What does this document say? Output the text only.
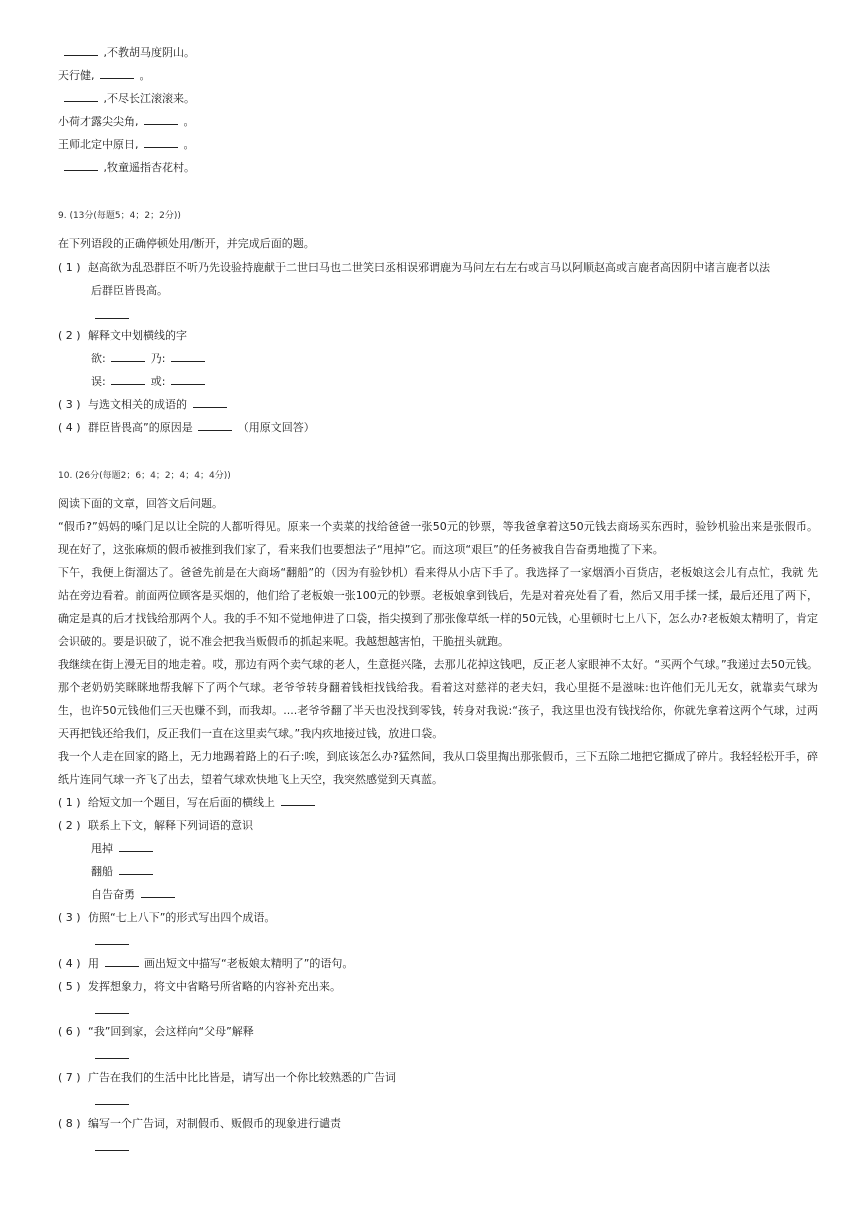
,不教胡马度阴山。
天行健,	。
,不尽长江滚滚来。
小荷才露尖尖角,	。
王师北定中原日,	。
,牧童遥指杏花村。
9. (13分(每题5；4；2；2分))
在下列语段的正确停顿处用/断开，并完成后面的题。
( 1 ) 赵高欲为乱恐群臣不听乃先设验持鹿献于二世曰马也二世笑曰丞相误邪谓鹿为马问左右左右或言马以阿顺赵高或言鹿者高因阴中诸言鹿者以法
后群臣皆畏高。
( 2 ) 解释文中划横线的字
欲:	乃:
误:	或:
( 3 ) 与选文相关的成语的
( 4 ) 群臣皆畏高”的原因是	（用原文回答）
10. (26分(每题2；6；4；2；4；4；4分))
阅读下面的文章，回答文后问题。

“假币?”妈妈的嗓门足以让全院的人都听得见。原来一个卖菜的找给爸爸一张50元的钞票，等我爸拿着这50元钱去商场买东西时，验钞机验出来是张假币。现在好了，这张麻烦的假币被推到我们家了，看来我们也要想法子“甩掉”它。而这项“艰巨”的任务被我自告奋勇地揽了下来。

下午，我便上街溜达了。爸爸先前是在大商场“翻船”的（因为有验钞机）看来得从小店下手了。我选择了一家烟酒小百货店，老板娘这会儿有点忙，我就 先站在旁边看着。前面两位顾客是买烟的，他们给了老板娘一张100元的钞票。老板娘拿到钱后，先是对着亮处看了看，然后又用手揉一揉，最后还甩了两下，确定是真的后才找钱给那两个人。我的手不知不觉地伸进了口袋，指尖摸到了那张像草纸一样的50元钱，心里顿时七上八下，怎么办?老板娘太精明了，肯定会识破的。要是识破了，说不准会把我当贩假币的抓起来呢。我越想越害怕，干脆扭头就跑。

我继续在街上漫无目的地走着。哎，那边有两个卖气球的老人，生意挺兴隆，去那儿花掉这钱吧，反正老人家眼神不太好。“买两个气球。”我递过去50元钱。那个老奶奶笑眯眯地帮我解下了两个气球。老爷爷转身翻着钱柜找钱给我。看着这对慈祥的老夫妇，我心里挺不是滋味:也许他们无儿无女，就靠卖气球为生，也许50元钱他们三天也赚不到，而我却。....老爷爷翻了半天也没找到零钱，转身对我说:“孩子，我这里也没有钱找给你，你就先拿着这两个气球，过两天再把钱还给我们，反正我们一直在这里卖气球。”我内疚地接过钱，放进口袋。

我一个人走在回家的路上，无力地踢着路上的石子:唉，到底该怎么办?猛然间，我从口袋里掏出那张假币，三下五除二地把它撕成了碎片。我轻轻松开手，碎纸片连同气球一齐飞了出去，望着气球欢快地飞上天空，我突然感觉到天真蓝。

( 1 ) 给短文加一个题目，写在后面的横线上
( 2 ) 联系上下文，解释下列词语的意识
甩掉
翻船
自告奋勇
( 3 ) 仿照“七上八下”的形式写出四个成语。
( 4 ) 用	画出短文中描写“老板娘太精明了”的语句。
( 5 ) 发挥想象力，将文中省略号所省略的内容补充出来。
( 6 ) “我”回到家，会这样向“父母”解释
( 7 ) 广告在我们的生活中比比皆是，请写出一个你比较熟悉的广告词
( 8 ) 编写一个广告词，对制假币、贩假币的现象进行谴责
